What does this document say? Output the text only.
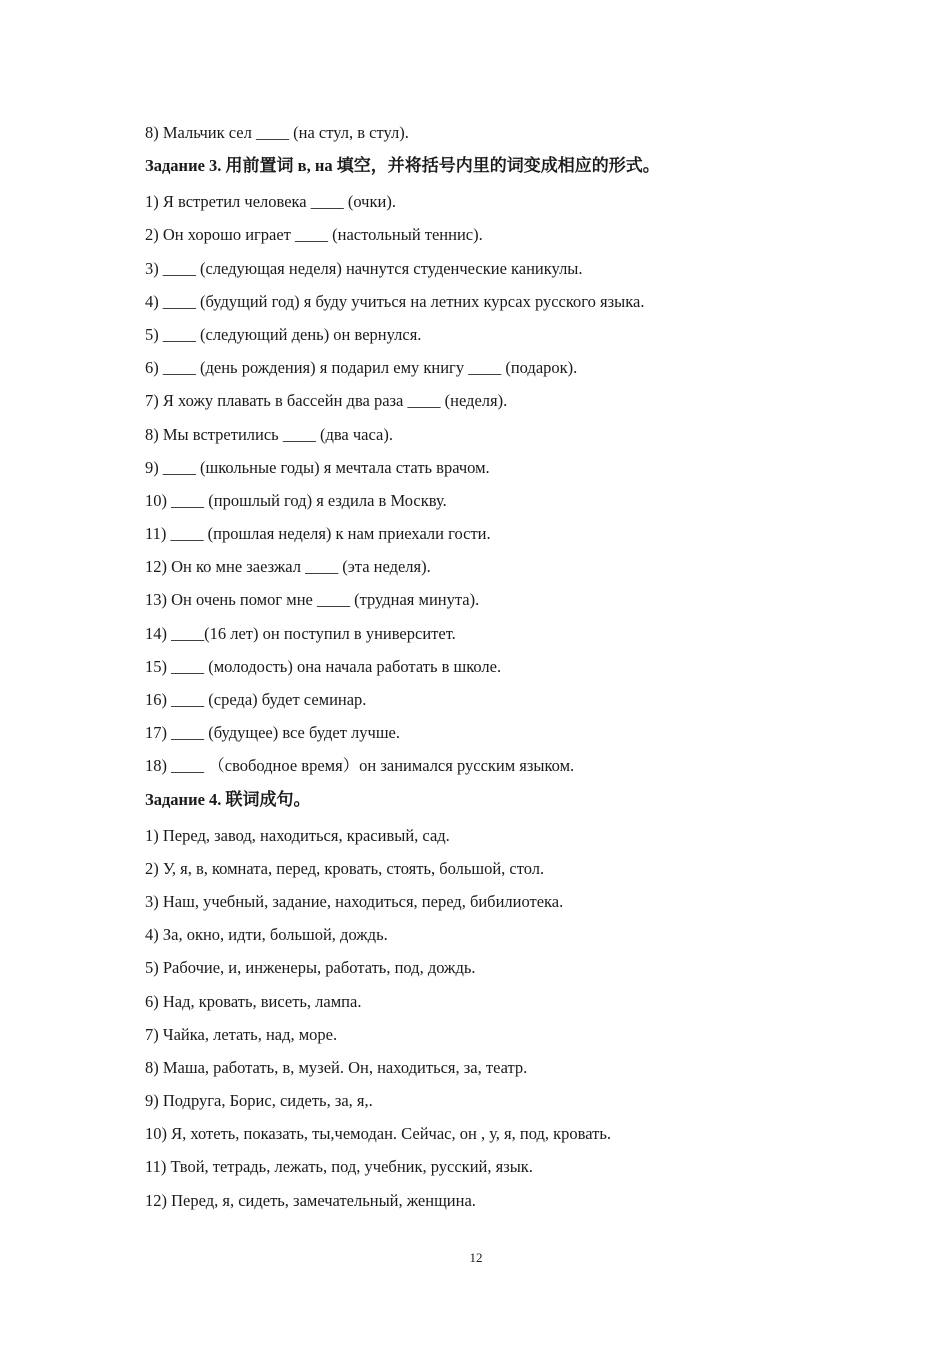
8) Мальчик сел ____ (на стул, в стул).
Задание 3. 用前置词 в, на 填空，并将括号内里的词变成相应的形式。
1) Я встретил человека ____ (очки).
2) Он хорошо играет ____ (настольный теннис).
3) ____ (следующая неделя) начнутся студенческие каникулы.
4) ____ (будущий год) я буду учиться на летних курсах русского языка.
5) ____ (следующий день) он вернулся.
6) ____ (день рождения) я подарил ему книгу ____ (подарок).
7) Я хожу плавать в бассейн два раза ____ (неделя).
8) Мы встретились ____ (два часа).
9) ____ (школьные годы) я мечтала стать врачом.
10) ____ (прошлый год) я ездила в Москву.
11) ____ (прошлая неделя) к нам приехали гости.
12) Он ко мне заезжал ____ (эта неделя).
13) Он очень помог мне ____ (трудная минута).
14) ____(16 лет) он поступил в университет.
15) ____ (молодость) она начала работать в школе.
16) ____ (среда) будет семинар.
17) ____ (будущее) все будет лучше.
18) ____ （свободное время）он занимался русским языком.
Задание 4. 联词成句。
1) Перед, завод, находиться, красивый, сад.
2) У, я, в, комната, перед, кровать, стоять, большой, стол.
3) Наш, учебный, задание, находиться, перед, бибилиотека.
4) За, окно, идти, большой, дождь.
5) Рабочие, и, инженеры, работать, под, дождь.
6) Над, кровать, висеть, лампа.
7) Чайка, летать, над, море.
8) Маша, работать, в, музей. Он, находиться, за, театр.
9) Подруга, Борис, сидеть, за, я,.
10) Я, хотеть, показать, ты,чемодан. Сейчас, он , у, я, под, кровать.
11) Твой, тетрадь, лежать, под, учебник, русский, язык.
12) Перед, я, сидеть, замечательный, женщина.
12
